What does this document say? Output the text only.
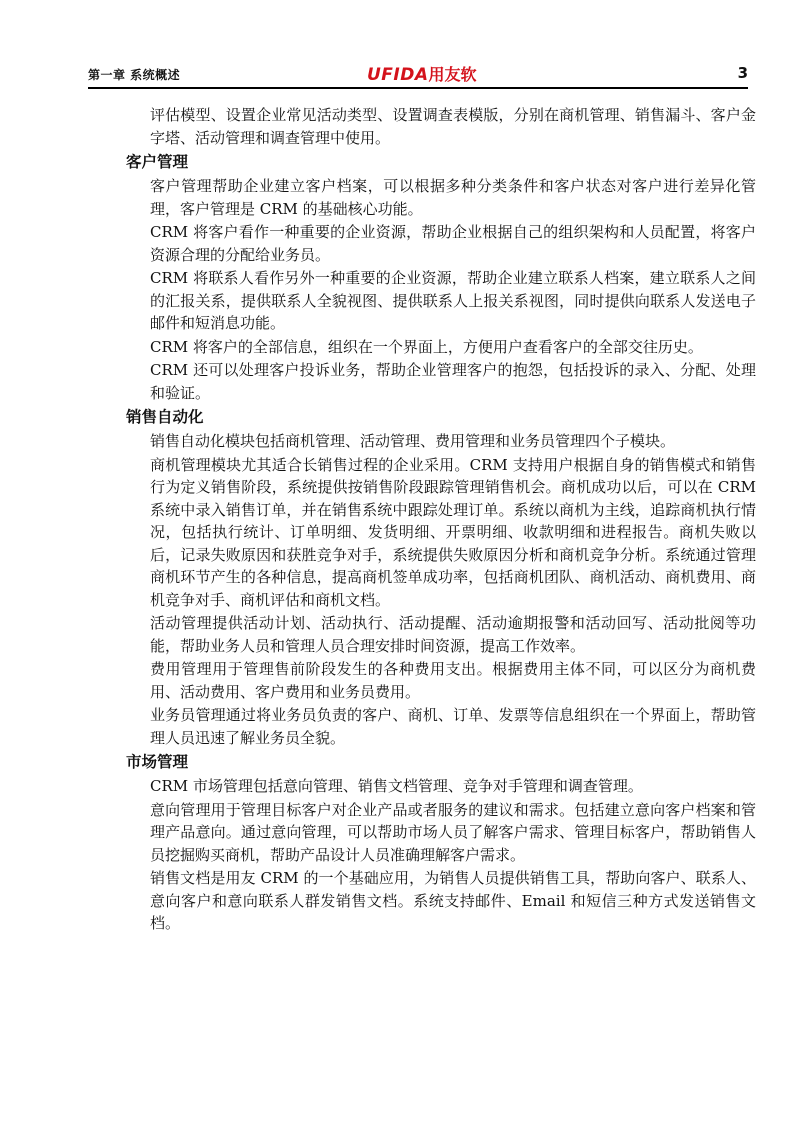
第一章 系统概述	UFIDA用友软	3

评估模型、设置企业常见活动类型、设置调查表模版，分别在商机管理、销售漏斗、客户金字塔、活动管理和调查管理中使用。

客户管理

客户管理帮助企业建立客户档案，可以根据多种分类条件和客户状态对客户进行差异化管理，客户管理是 CRM 的基础核心功能。

CRM 将客户看作一种重要的企业资源，帮助企业根据自己的组织架构和人员配置，将客户资源合理的分配给业务员。

CRM 将联系人看作另外一种重要的企业资源，帮助企业建立联系人档案，建立联系人之间的汇报关系，提供联系人全貌视图、提供联系人上报关系视图，同时提供向联系人发送电子邮件和短消息功能。

CRM 将客户的全部信息，组织在一个界面上，方便用户查看客户的全部交往历史。

CRM 还可以处理客户投诉业务，帮助企业管理客户的抱怨，包括投诉的录入、分配、处理和验证。

销售自动化

销售自动化模块包括商机管理、活动管理、费用管理和业务员管理四个子模块。

商机管理模块尤其适合长销售过程的企业采用。CRM 支持用户根据自身的销售模式和销售行为定义销售阶段，系统提供按销售阶段跟踪管理销售机会。商机成功以后，可以在 CRM 系统中录入销售订单，并在销售系统中跟踪处理订单。系统以商机为主线，追踪商机执行情况，包括执行统计、订单明细、发货明细、开票明细、收款明细和进程报告。商机失败以后，记录失败原因和获胜竞争对手，系统提供失败原因分析和商机竞争分析。系统通过管理商机环节产生的各种信息，提高商机签单成功率，包括商机团队、商机活动、商机费用、商机竞争对手、商机评估和商机文档。

活动管理提供活动计划、活动执行、活动提醒、活动逾期报警和活动回写、活动批阅等功能，帮助业务人员和管理人员合理安排时间资源，提高工作效率。

费用管理用于管理售前阶段发生的各种费用支出。根据费用主体不同，可以区分为商机费用、活动费用、客户费用和业务员费用。

业务员管理通过将业务员负责的客户、商机、订单、发票等信息组织在一个界面上，帮助管理人员迅速了解业务员全貌。

市场管理

CRM 市场管理包括意向管理、销售文档管理、竞争对手管理和调查管理。

意向管理用于管理目标客户对企业产品或者服务的建议和需求。包括建立意向客户档案和管理产品意向。通过意向管理，可以帮助市场人员了解客户需求、管理目标客户，帮助销售人员挖掘购买商机，帮助产品设计人员准确理解客户需求。

销售文档是用友 CRM 的一个基础应用，为销售人员提供销售工具，帮助向客户、联系人、意向客户和意向联系人群发销售文档。系统支持邮件、Email 和短信三种方式发送销售文档。
